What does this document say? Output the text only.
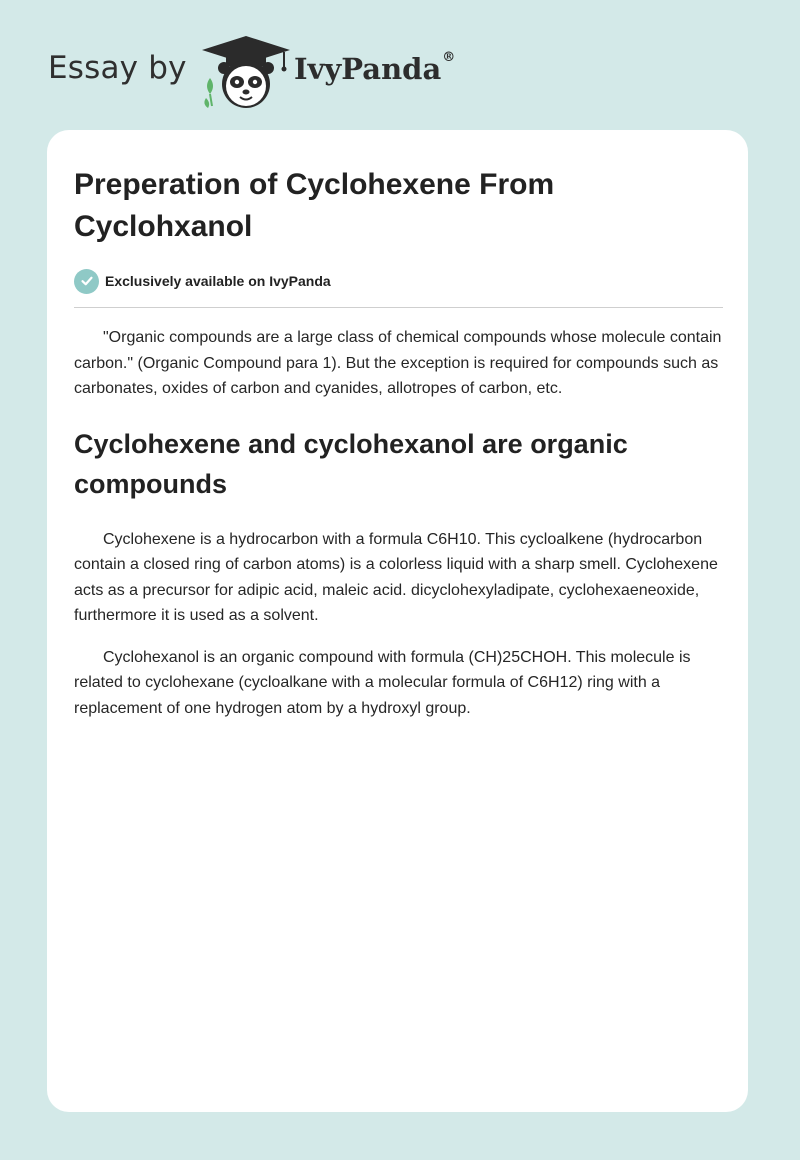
Essay by	IvyPanda®
Preperation of Cyclohexene From Cyclohxanol
Exclusively available on IvyPanda

"Organic compounds are a large class of chemical compounds whose molecule contain carbon." (Organic Compound para 1). But the exception is required for compounds such as carbonates, oxides of carbon and cyanides, allotropes of carbon, etc.

Cyclohexene and cyclohexanol are organic compounds

Cyclohexene is a hydrocarbon with a formula C6H10. This cycloalkene (hydrocarbon contain a closed ring of carbon atoms) is a colorless liquid with a sharp smell. Cyclohexene acts as a precursor for adipic acid, maleic acid. dicyclohexyladipate, cyclohexaeneoxide, furthermore it is used as a solvent.

Cyclohexanol is an organic compound with formula (CH)25CHOH. This molecule is related to cyclohexane (cycloalkane with a molecular formula of C6H12) ring with a replacement of one hydrogen atom by a hydroxyl group.
